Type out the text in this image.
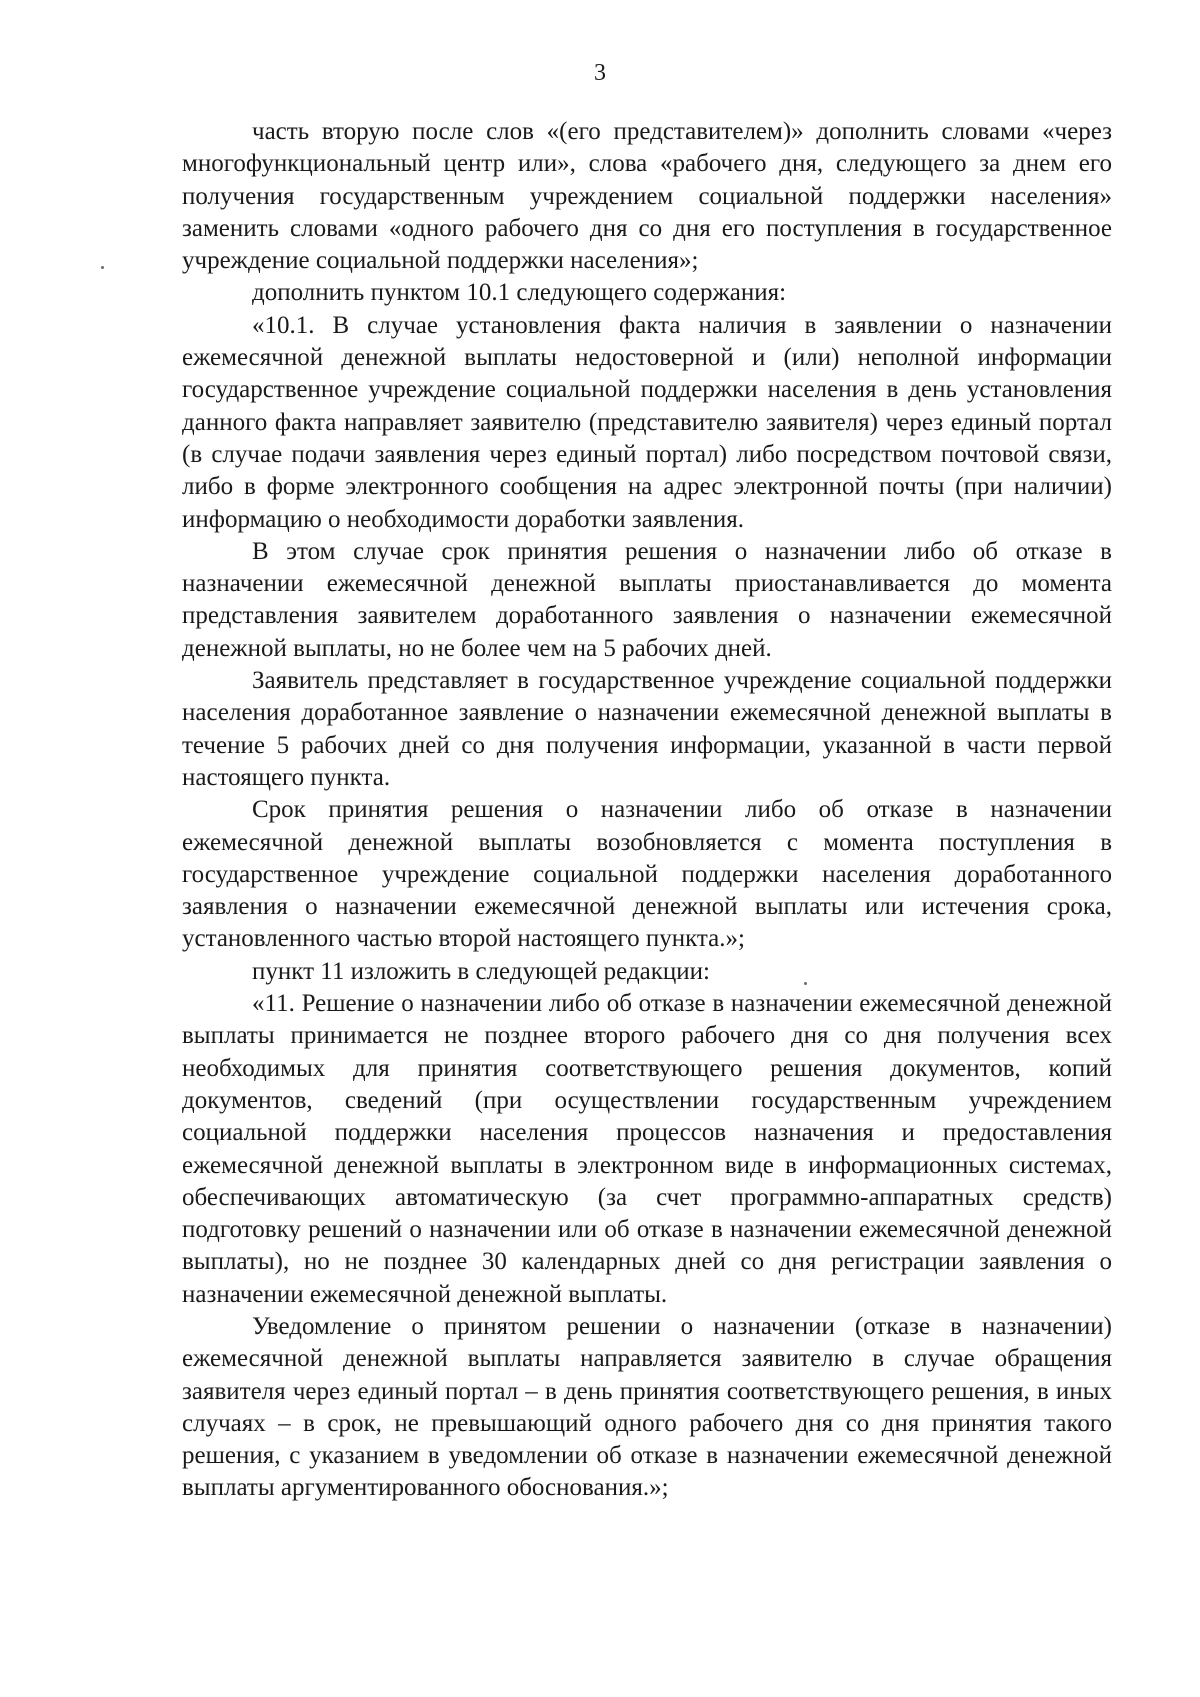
3

часть вторую после слов «(его представителем)» дополнить словами «через многофункциональный центр или», слова «рабочего дня, следующего за днем его получения государственным учреждением социальной поддержки населения» заменить словами «одного рабочего дня со дня его поступления в государственное учреждение социальной поддержки населения»;

дополнить пунктом 10.1 следующего содержания:

«10.1. В случае установления факта наличия в заявлении о назначении ежемесячной денежной выплаты недостоверной и (или) неполной информации государственное учреждение социальной поддержки населения в день установления данного факта направляет заявителю (представителю заявителя) через единый портал (в случае подачи заявления через единый портал) либо посредством почтовой связи, либо в форме электронного сообщения на адрес электронной почты (при наличии) информацию о необходимости доработки заявления.

В этом случае срок принятия решения о назначении либо об отказе в назначении ежемесячной денежной выплаты приостанавливается до момента представления заявителем доработанного заявления о назначении ежемесячной денежной выплаты, но не более чем на 5 рабочих дней.

Заявитель представляет в государственное учреждение социальной поддержки населения доработанное заявление о назначении ежемесячной денежной выплаты в течение 5 рабочих дней со дня получения информации, указанной в части первой настоящего пункта.

Срок принятия решения о назначении либо об отказе в назначении ежемесячной денежной выплаты возобновляется с момента поступления в государственное учреждение социальной поддержки населения доработанного заявления о назначении ежемесячной денежной выплаты или истечения срока, установленного частью второй настоящего пункта.»;

пункт 11 изложить в следующей редакции:

«11. Решение о назначении либо об отказе в назначении ежемесячной денежной выплаты принимается не позднее второго рабочего дня со дня получения всех необходимых для принятия соответствующего решения документов, копий документов, сведений (при осуществлении государственным учреждением социальной поддержки населения процессов назначения и предоставления ежемесячной денежной выплаты в электронном виде в информационных системах, обеспечивающих автоматическую (за счет программно-аппаратных средств) подготовку решений о назначении или об отказе в назначении ежемесячной денежной выплаты), но не позднее 30 календарных дней со дня регистрации заявления о назначении ежемесячной денежной выплаты.

Уведомление о принятом решении о назначении (отказе в назначении) ежемесячной денежной выплаты направляется заявителю в случае обращения заявителя через единый портал – в день принятия соответствующего решения, в иных случаях – в срок, не превышающий одного рабочего дня со дня принятия такого решения, с указанием в уведомлении об отказе в назначении ежемесячной денежной выплаты аргументированного обоснования.»;
